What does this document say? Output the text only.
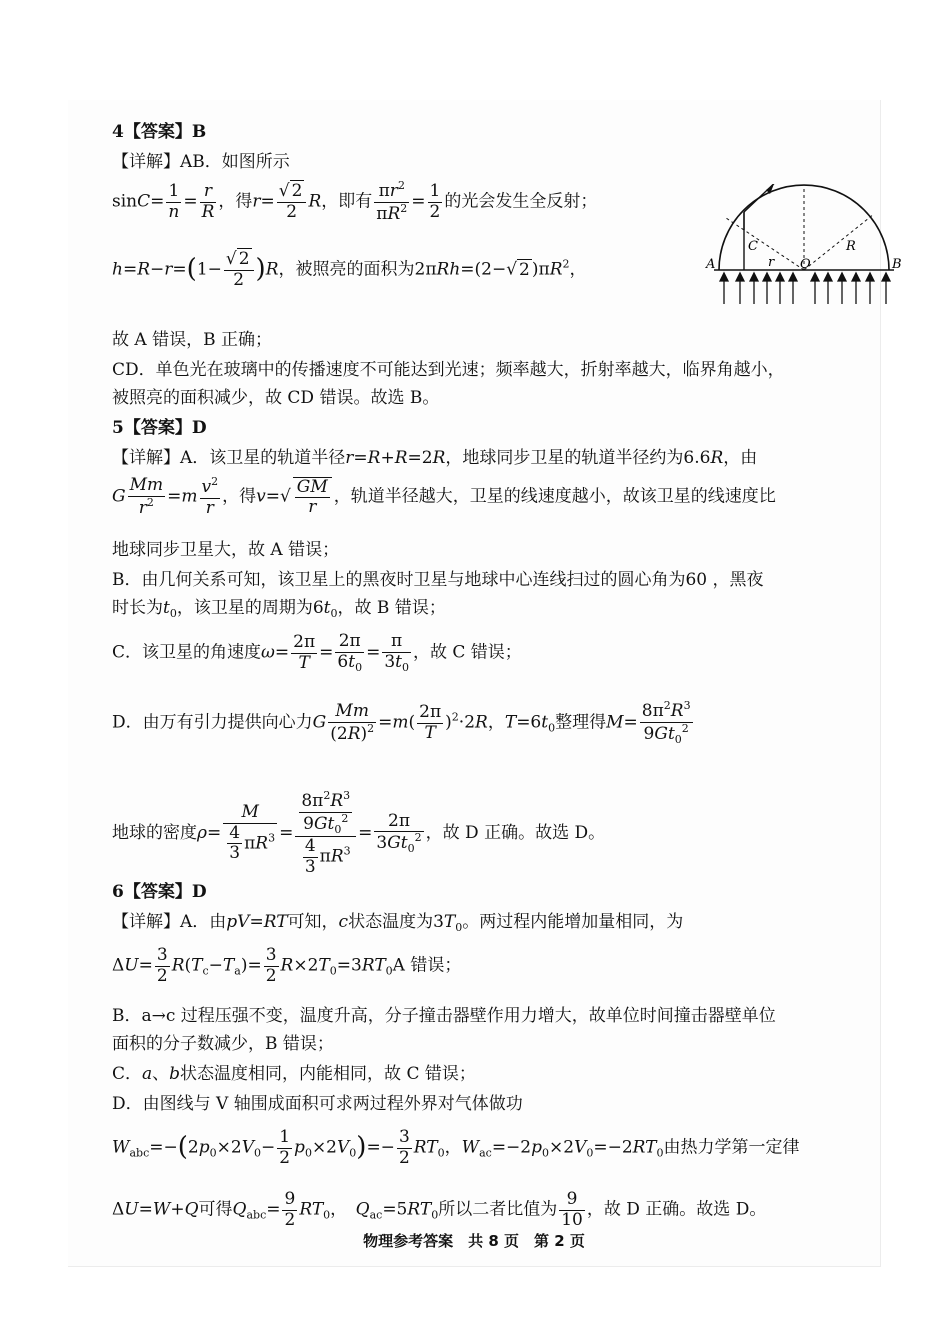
4【答案】B
【详解】AB．如图所示
$\sin C= \frac{1}{n} = \frac{r}{R}$ ，得$r= \frac{√ 2}{2}$ R，即有 $\frac{\pi r^2}{\pi R^2} = \frac{1}{2}$ 的光会发生全反射；
$h=R-r=(1- \frac{√ 2}{2} )R$，被照亮的面积为2πRh=(2−√ 2 )$\pi R^2$，
故 A 错误，B 正确；
CD．单色光在玻璃中的传播速度不可能达到光速；频率越大，折射率越大，临界角越小，
被照亮的面积减少，故 CD 错误。故选 B。
C
A	B
O
r
R
5【答案】D
【详解】A．该卫星的轨道半径r=R+R=2R，地球同步卫星的轨道半径约为6.6R，由
G $\frac{Mm}{r^2} =m \frac{v^2}{r}$ ，得$v=√ \frac{GM}{r}$ ，轨道半径越大，卫星的线速度越小，故该卫星的线速度比
地球同步卫星大，故 A 错误；
B．由几何关系可知，该卫星上的黑夜时卫星与地球中心连线扫过的圆心角为60 ，黑夜
时长为$t_0$，该卫星的周期为$6t_0$，故 B 错误；
C．该卫星的角速度$\omega= \frac{2\pi}{T} = \frac{2\pi}{6t_0} = \frac{\pi}{3t_0}$ ，故 C 错误；
D．由万有引力提供向心力G $\frac{Mm}{(2R)^2} =m( \frac{2\pi}{T} )^2\cdot 2R$，$T=6t_0$整理得$M= \frac{8\pi^2R^3}{9Gt_0^2}$
地球的密度$\rho= \frac{M}{\frac{4}{3} \pi R^3} = \frac{\frac{8\pi^2R^3}{9Gt_0^2}}{\frac{4}{3} \pi R^3} = \frac{2\pi}{3Gt_0^2}$ ，故 D 正确。故选 D。
6【答案】D
【详解】A．由pV=RT可知，c状态温度为$3T_0$。两过程内能增加量相同，为
$\Delta U= \frac{3}{2} R(T_c-T_a)= \frac{3}{2} R\times 2T_0=3RT_0A$ 错误；
B．a→c 过程压强不变，温度升高，分子撞击器壁作用力增大，故单位时间撞击器壁单位
面积的分子数减少，B 错误；
C．a、b状态温度相同，内能相同，故 C 错误；
D．由图线与 V 轴围成面积可求两过程外界对气体做功
$W_{abc}=-(2p_0\times 2V_0- \frac{1}{2} p_0\times 2V_0)=- \frac{3}{2} RT_0$，$W_{ac}=-2p_0\times 2V_0=-2RT_0$由热力学第一定律
ΔU=W+Q可得$Q_{abc}= \frac{9}{2} RT_0$，　$Q_{ac}=5RT_0$所以二者比值为 $\frac{9}{10}$ ，故 D 正确。故选 D。
物理参考答案　共 8 页　第 2 页
